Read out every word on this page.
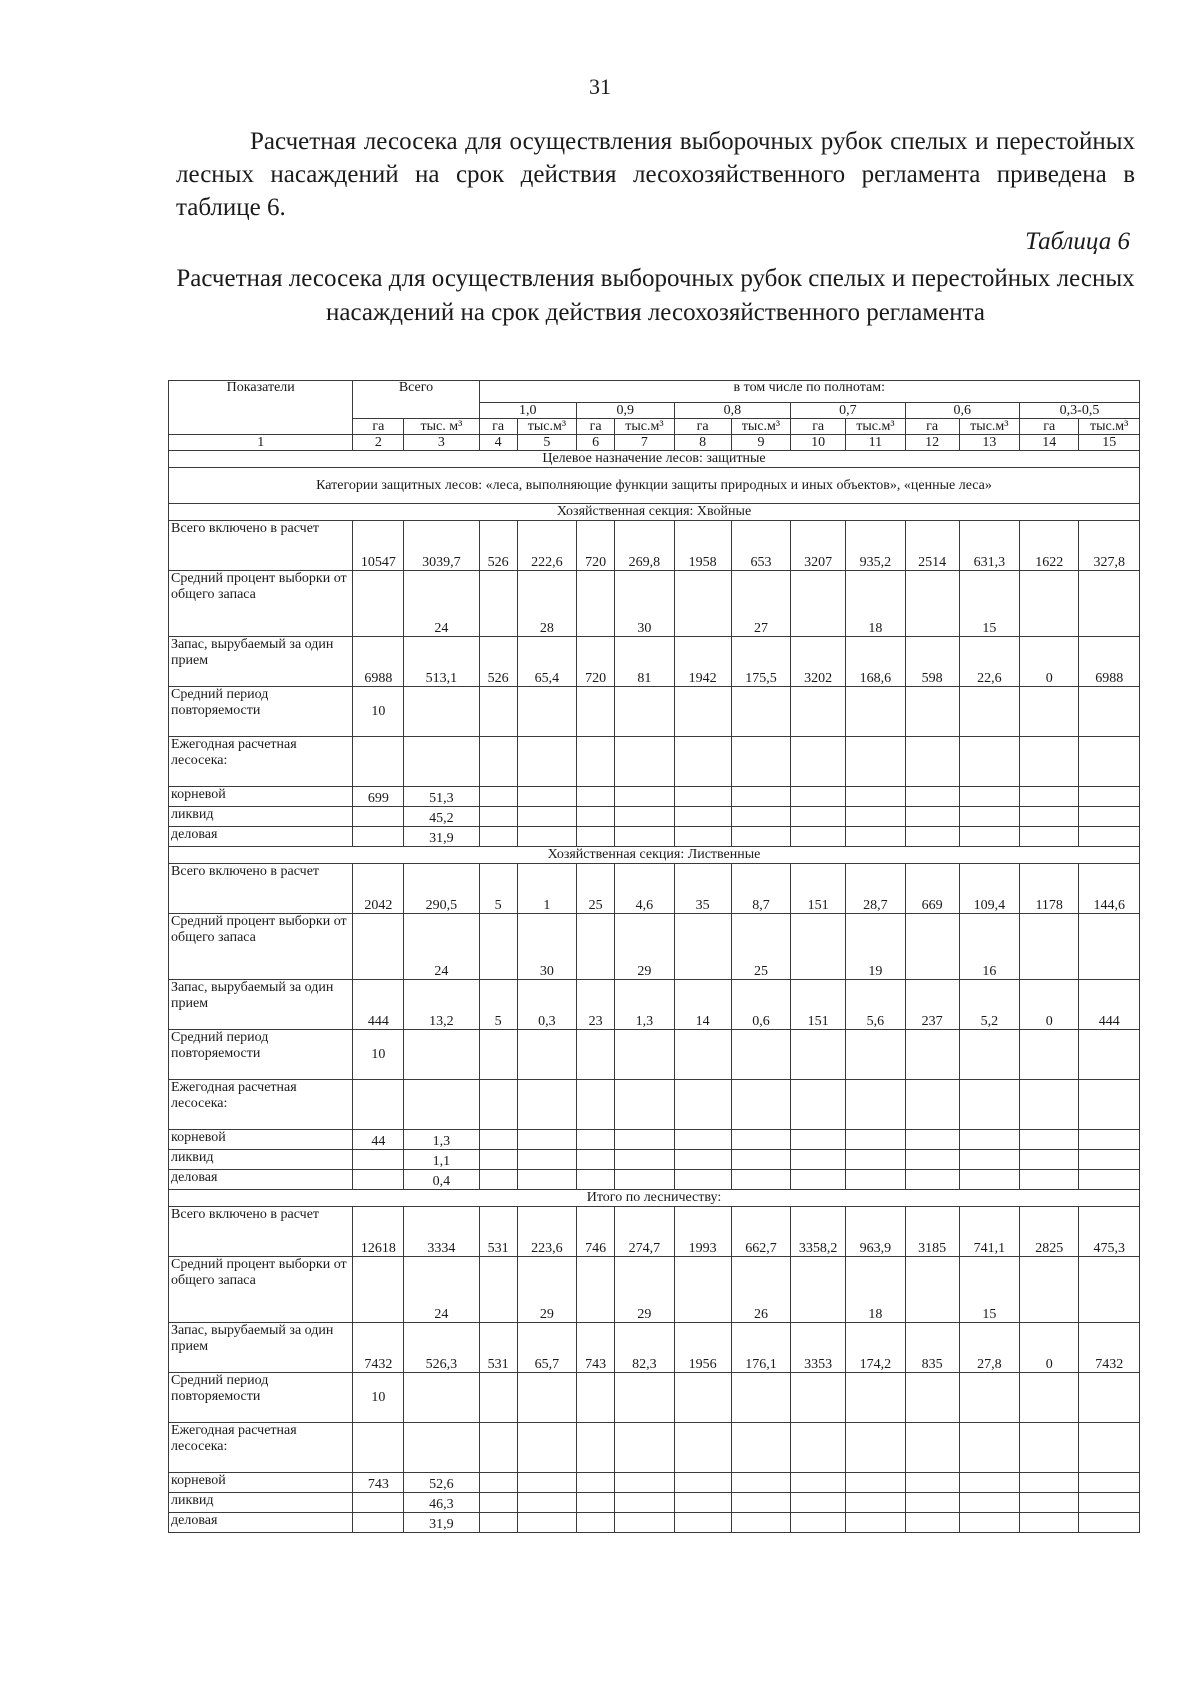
31

Расчетная лесосека для осуществления выборочных рубок спелых и перестойных лесных насаждений на срок действия лесохозяйственного регламента приведена в таблице 6.

Таблица 6

Расчетная лесосека для осуществления выборочных рубок спелых и перестойных лесных насаждений на срок действия лесохозяйственного регламента

Показатели	Всего		в том числе по полнотам:											
			1,0		0,9		0,8		0,7		0,6		0,3-0,5	
	га	тыс. м³	га	тыс.м³	га	тыс.м³	га	тыс.м³	га	тыс.м³	га	тыс.м³	га	тыс.м³
1	2	3	4	5	6	7	8	9	10	11	12	13	14	15
Целевое назначение лесов: защитные														
Категории защитных лесов: «леса, выполняющие функции защиты природных и иных объектов», «ценные леса»														
Хозяйственная секция: Хвойные														
Всего включено в расчет	10547	3039,7	526	222,6	720	269,8	1958	653	3207	935,2	2514	631,3	1622	327,8
Средний процент выборки от общего запаса		24		28		30		27		18		15		
Запас, вырубаемый за один прием	6988	513,1	526	65,4	720	81	1942	175,5	3202	168,6	598	22,6	0	6988
Средний период повторяемости	10													
Ежегодная расчетная лесосека:														
корневой	699	51,3												
ликвид		45,2												
деловая		31,9												
Хозяйственная секция: Лиственные														
Всего включено в расчет	2042	290,5	5	1	25	4,6	35	8,7	151	28,7	669	109,4	1178	144,6
Средний процент выборки от общего запаса		24		30		29		25		19		16		
Запас, вырубаемый за один прием	444	13,2	5	0,3	23	1,3	14	0,6	151	5,6	237	5,2	0	444
Средний период повторяемости	10													
Ежегодная расчетная лесосека:														
корневой	44	1,3												
ликвид		1,1												
деловая		0,4												
Итого по лесничеству:														
Всего включено в расчет	12618	3334	531	223,6	746	274,7	1993	662,7	3358,2	963,9	3185	741,1	2825	475,3
Средний процент выборки от общего запаса		24		29		29		26		18		15		
Запас, вырубаемый за один прием	7432	526,3	531	65,7	743	82,3	1956	176,1	3353	174,2	835	27,8	0	7432
Средний период повторяемости	10													
Ежегодная расчетная лесосека:														
корневой	743	52,6												
ликвид		46,3												
деловая		31,9												
